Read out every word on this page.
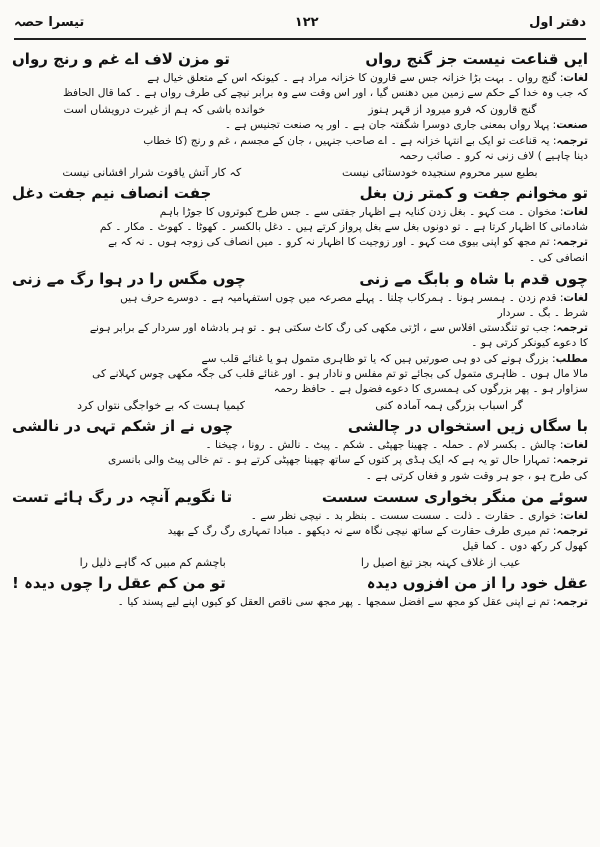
دفتر اول
۱۲۲
تیسرا حصہ
ایں قناعت نیست جز گنج رواں
تو مزن لاف اے غم و رنج رواں
لغات: گنج رواں ۔ بہت بڑا خزانہ جس سے قارون کا خزانہ مراد ہے ۔ کیونکہ اس کے متعلق خیال ہے
کہ جب وہ خدا کے حکم سے زمین میں دھنس گیا ، اور اس وقت سے وہ برابر نیچے کی طرف رواں ہے ۔ کما قال الحافظ
گنج قارون کہ فرو میرود از قہر ہنوز
خوانده باشی کہ ہم از غیرت درویشاں است
صنعت: پہلا رواں بمعنی جاری دوسرا شگفتہ جان ہے ۔ اور یہ صنعت تجنیس ہے ۔
ترجمہ: یہ قناعت تو ایک بے انتہا خزانہ ہے ۔ اے صاحب جنہیں ، جان کے مجسم ، غم و رنج (کا خطاب
دینا چاہیے ) لاف زنی نہ کرو ۔ صائب رحمہ
بطبع سیر محروم سنجیده خودستائی نیست
کہ کار آتش یاقوت شرار افشانی نیست
تو مخوانم جفت و کمتر زن بغل
جفت انصاف نیم جفت دغل
لغات: مخوان ۔ مت کہو ۔ بغل زدن کنایہ ہے اظہار جفتی سے ۔ جس طرح کبوتروں کا جوڑا باہم
شادمانی کا اظہار کرتا ہے ۔ تو دونوں بغل سے بغل پرواز کرتے ہیں ۔ دغل بالکسر ۔ کھوٹا ۔ کھوٹ ۔ مکار ۔ کم
ترجمہ: تم مجھ کو اپنی بیوی مت کہو ۔ اور زوجیت کا اظہار نہ کرو ۔ میں انصاف کی زوجہ ہوں ۔ نہ کہ بے
انصافی کی ۔
چوں قدم با شاہ و بابگ مے زنی
چوں مگس را در ہوا رگ مے زنی
لغات: قدم زدن ۔ ہمسر ہونا ۔ ہمرکاب چلنا ۔ پہلے مصرعہ میں چوں استفہامیہ ہے ۔ دوسرے حرف ہیں
شرط ۔ بگ ۔ سردار
ترجمہ: جب تو تنگدستی افلاس سے ، اڑتی مکھی کی رگ کاٹ سکتی ہو ۔ تو ہر بادشاہ اور سردار کے برابر ہونے
کا دعوے کیونکر کرتی ہو ۔
مطلب: بزرگ ہونے کی دو ہی صورتیں ہیں کہ یا تو ظاہری متمول ہو یا غنائے قلب سے
مالا مال ہوں ۔ ظاہری متمول کی بجائے تو تم مفلس و نادار ہو ۔ اور غنائے قلب کی جگہ مکھی چوس کہلانے کی
سزاوار ہو ۔ پھر بزرگوں کی ہمسری کا دعوے فضول ہے ۔ حافظ رحمہ
گر اسباب بزرگی ہمہ آمادہ کنی
کیمیا ہست کہ بے خواجگی نتواں کرد
با سگاں زیں استخواں در چالشی
چوں نے از شکم تہی در نالشی
لغات: چالش ۔ بکسر لام ۔ حملہ ۔ چھینا جھپٹی ۔ شکم ۔ پیٹ ۔ نالش ۔ رونا ، چیخنا ۔
ترجمہ: تمہارا حال تو یہ ہے کہ ایک ہڈی پر کتوں کے ساتھ چھینا جھپٹی کرتے ہو ۔ تم خالی پیٹ والی بانسری
کی طرح ہو ، جو ہر وقت شور و فغاں کرتی ہے ۔
سوئے من منگر بخواری سست سست
تا نگویم آنچہ در رگ ہائے تست
لغات: خواری ۔ حقارت ۔ ذلت ۔ سست سست ۔ بنظر بد ۔ نیچی نظر سے ۔
ترجمہ: تم میری طرف حقارت کے ساتھ نیچی نگاہ سے نہ دیکھو ۔ مبادا تمہاری رگ رگ کے بھید
کھول کر رکھ دوں ۔ کما قیل
عیب از غلاف کہنہ بجز تیغ اصیل را
باچشم کم مبیں کہ گاہے ذلیل را
عقل خود را از من افزوں دیدہ
تو من کم عقل را چوں دیدہ !
ترجمہ: تم نے اپنی عقل کو مجھ سے افضل سمجھا ۔ پھر مجھ سی ناقص العقل کو کیوں اپنے لیے پسند کیا ۔
